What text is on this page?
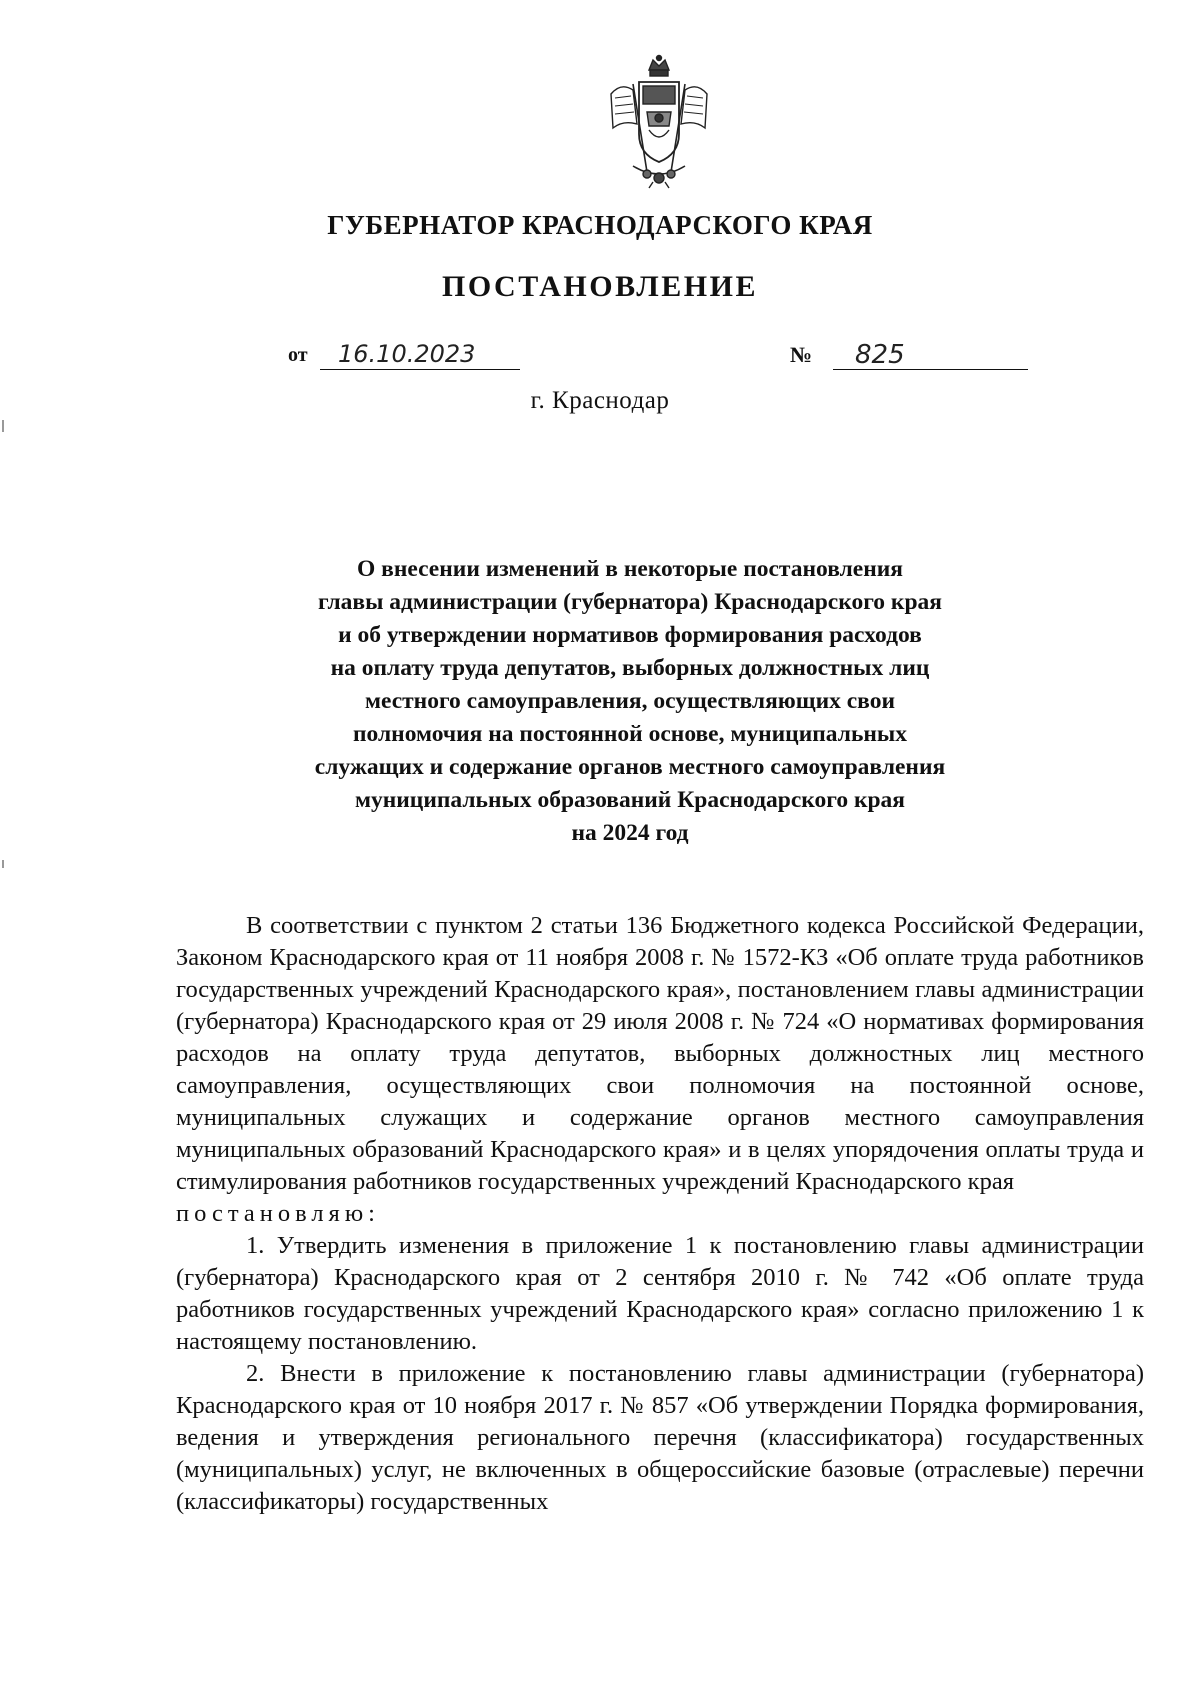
ГУБЕРНАТОР КРАСНОДАРСКОГО КРАЯ
ПОСТАНОВЛЕНИЕ
от	16.10.2023	№	825
г. Краснодар
О внесении изменений в некоторые постановления
главы администрации (губернатора) Краснодарского края
и об утверждении нормативов формирования расходов
на оплату труда депутатов, выборных должностных лиц
местного самоуправления, осуществляющих свои
полномочия на постоянной основе, муниципальных
служащих и содержание органов местного самоуправления
муниципальных образований Краснодарского края
на 2024 год

В соответствии с пунктом 2 статьи 136 Бюджетного кодекса Российской Федерации, Законом Краснодарского края от 11 ноября 2008 г. № 1572-КЗ «Об оплате труда работников государственных учреждений Краснодарского края», постановлением главы администрации (губернатора) Краснодарского края от 29 июля 2008 г. № 724 «О нормативах формирования расходов на оплату труда депутатов, выборных должностных лиц местного самоуправления, осуществляющих свои полномочия на постоянной основе, муниципальных служащих и содержание органов местного самоуправления муниципальных образований Краснодарского края» и в целях упорядочения оплаты труда и стимулирования работников государственных учреждений Краснодарского края
постановляю:

1. Утвердить изменения в приложение 1 к постановлению главы администрации (губернатора) Краснодарского края от 2 сентября 2010 г. № 742 «Об оплате труда работников государственных учреждений Краснодарского края» согласно приложению 1 к настоящему постановлению.

2. Внести в приложение к постановлению главы администрации (губернатора) Краснодарского края от 10 ноября 2017 г. № 857 «Об утверждении Порядка формирования, ведения и утверждения регионального перечня (классификатора) государственных (муниципальных) услуг, не включенных в общероссийские базовые (отраслевые) перечни (классификаторы) государственных
